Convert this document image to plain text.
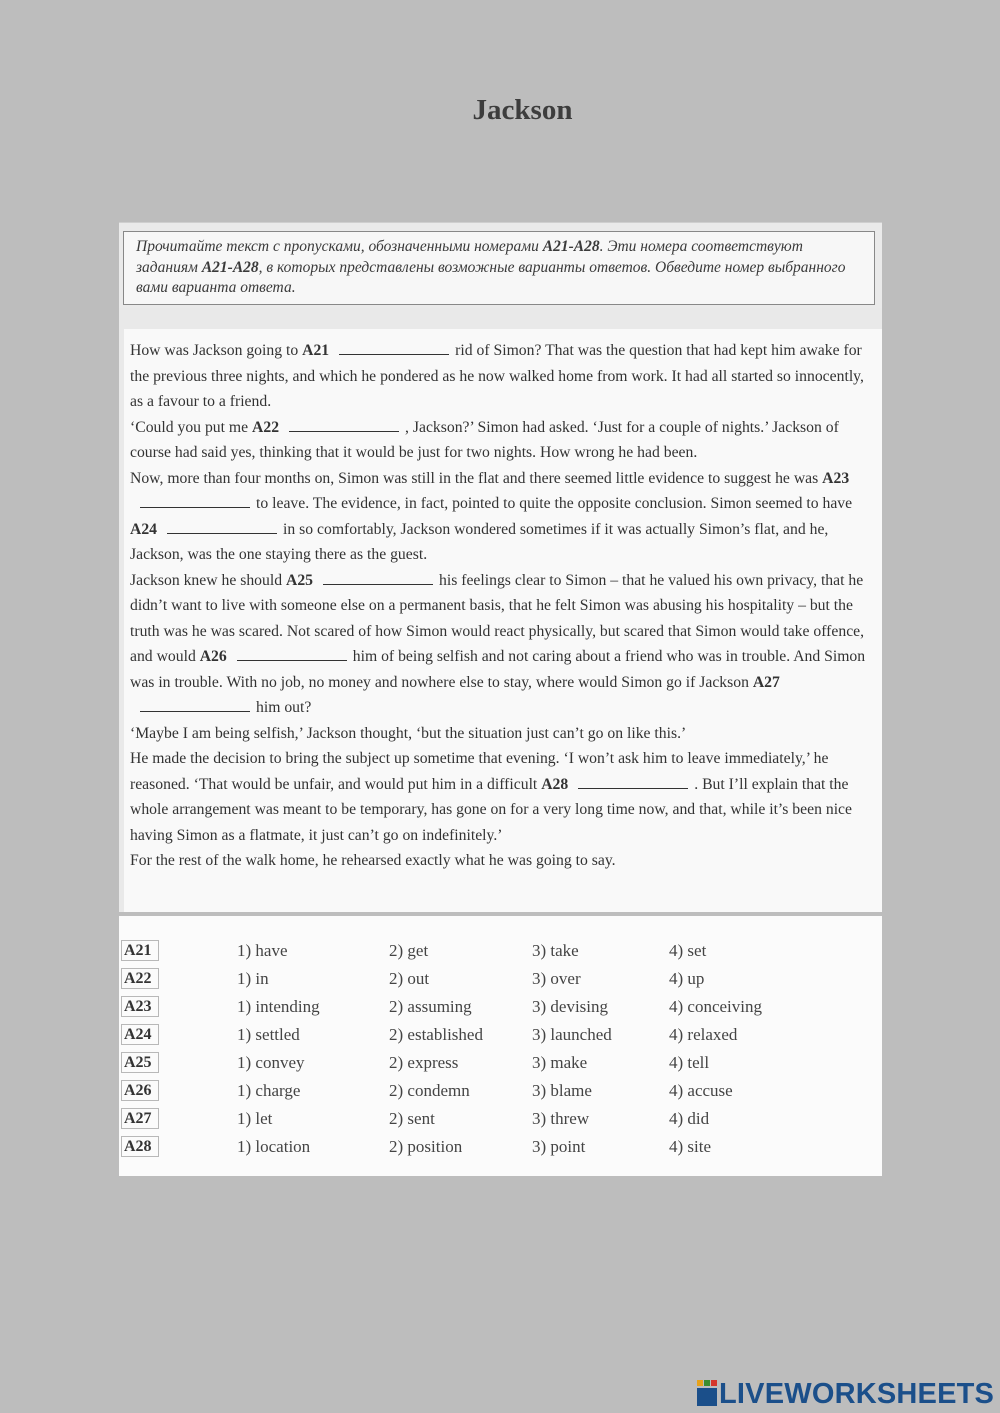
Jackson
Прочитайте текст с пропусками, обозначенными номерами A21-A28. Эти номера соответствуют заданиям A21-A28, в которых представлены возможные варианты ответов. Обведите номер выбранного вами варианта ответа.

How was Jackson going to A21	rid of Simon? That was the question that had kept him awake for the previous three nights, and which he pondered as he now walked home from work. It had all started so innocently, as a favour to a friend.

‘Could you put me A22	, Jackson?’ Simon had asked. ‘Just for a couple of nights.’ Jackson of course had said yes, thinking that it would be just for two nights. How wrong he had been.

Now, more than four months on, Simon was still in the flat and there seemed little evidence to suggest he was A23to leave. The evidence, in fact, pointed to quite the opposite conclusion. Simon seemed to have A24	in so comfortably, Jackson wondered sometimes if it was actually Simon’s flat, and he, Jackson, was the one staying there as the guest.

Jackson knew he should A25	his feelings clear to Simon – that he valued his own privacy, that he didn’t want to live with someone else on a permanent basis, that he felt Simon was abusing his hospitality – but the truth was he was scared. Not scared of how Simon would react physically, but scared that Simon would take offence, and would A26	him of being selfish and not caring about a friend who was in trouble. And Simon was in trouble. With no job, no money and nowhere else to stay, where would Simon go if Jackson A27him out?

‘Maybe I am being selfish,’ Jackson thought, ‘but the situation just can’t go on like this.’

He made the decision to bring the subject up sometime that evening. ‘I won’t ask him to leave immediately,’ he reasoned. ‘That would be unfair, and would put him in a difficult A28	. But I’ll explain that the whole arrangement was meant to be temporary, has gone on for a very long time now, and that, while it’s been nice having Simon as a flatmate, it just can’t go on indefinitely.’

For the rest of the walk home, he rehearsed exactly what he was going to say.

A21	1) have	2) get	3) take	4) set
A22	1) in	2) out	3) over	4) up
A23	1) intending	2) assuming	3) devising	4) conceiving
A24	1) settled	2) established	3) launched	4) relaxed
A25	1) convey	2) express	3) make	4) tell
A26	1) charge	2) condemn	3) blame	4) accuse
A27	1) let	2) sent	3) threw	4) did
A28	1) location	2) position	3) point	4) site
LIVEWORKSHEETS
